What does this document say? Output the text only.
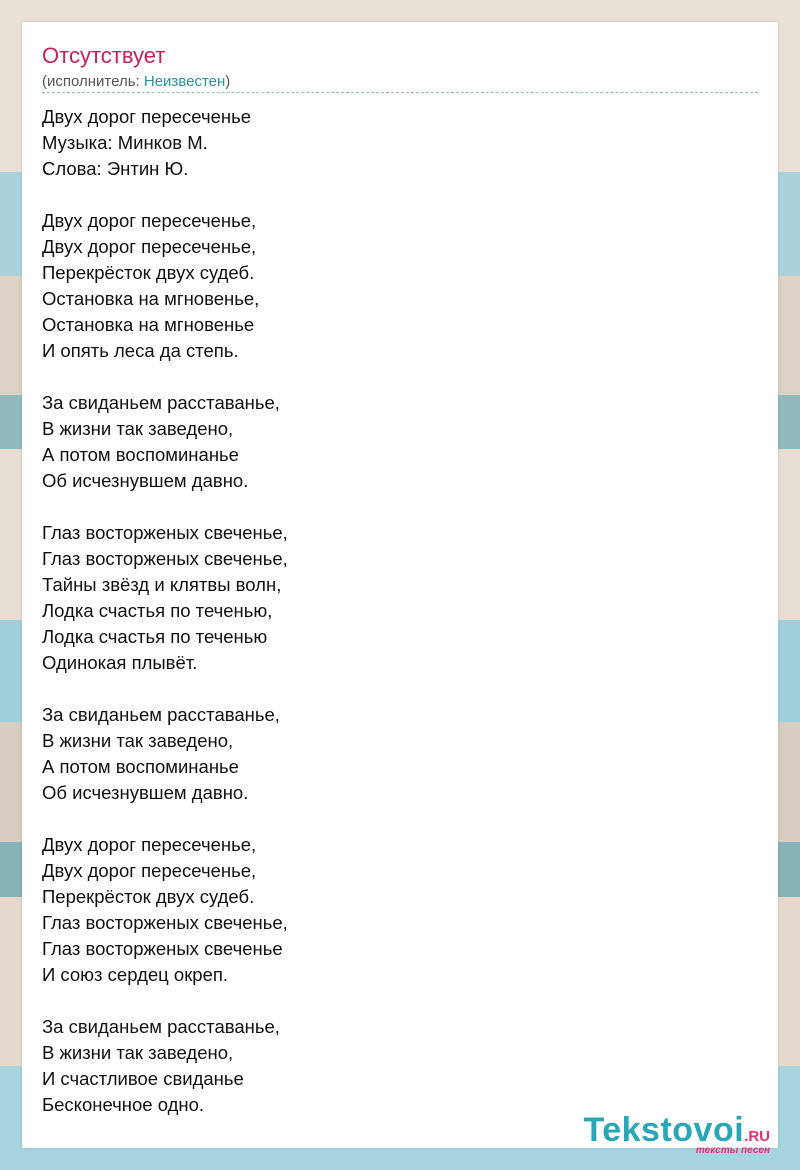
Отсутствует
(исполнитель: Неизвестен)
Двух дорог пересеченье
Музыка: Минков М.
Слова: Энтин Ю.
Двух дорог пересеченье,
Двух дорог пересеченье,
Перекрёсток двух судеб.
Остановка на мгновенье,
Остановка на мгновенье
И опять леса да степь.
За свиданьем расставанье,
В жизни так заведено,
А потом воспоминанье
Об исчезнувшем давно.
Глаз восторженых свеченье,
Глаз восторженых свеченье,
Тайны звёзд и клятвы волн,
Лодка счастья по теченью,
Лодка счастья по теченью
Одинокая плывёт.
За свиданьем расставанье,
В жизни так заведено,
А потом воспоминанье
Об исчезнувшем давно.
Двух дорог пересеченье,
Двух дорог пересеченье,
Перекрёсток двух судеб.
Глаз восторженых свеченье,
Глаз восторженых свеченье
И союз сердец окреп.
За свиданьем расставанье,
В жизни так заведено,
И счастливое свиданье
Бесконечное одно.
Tekstovoi.RU
тексты песен
